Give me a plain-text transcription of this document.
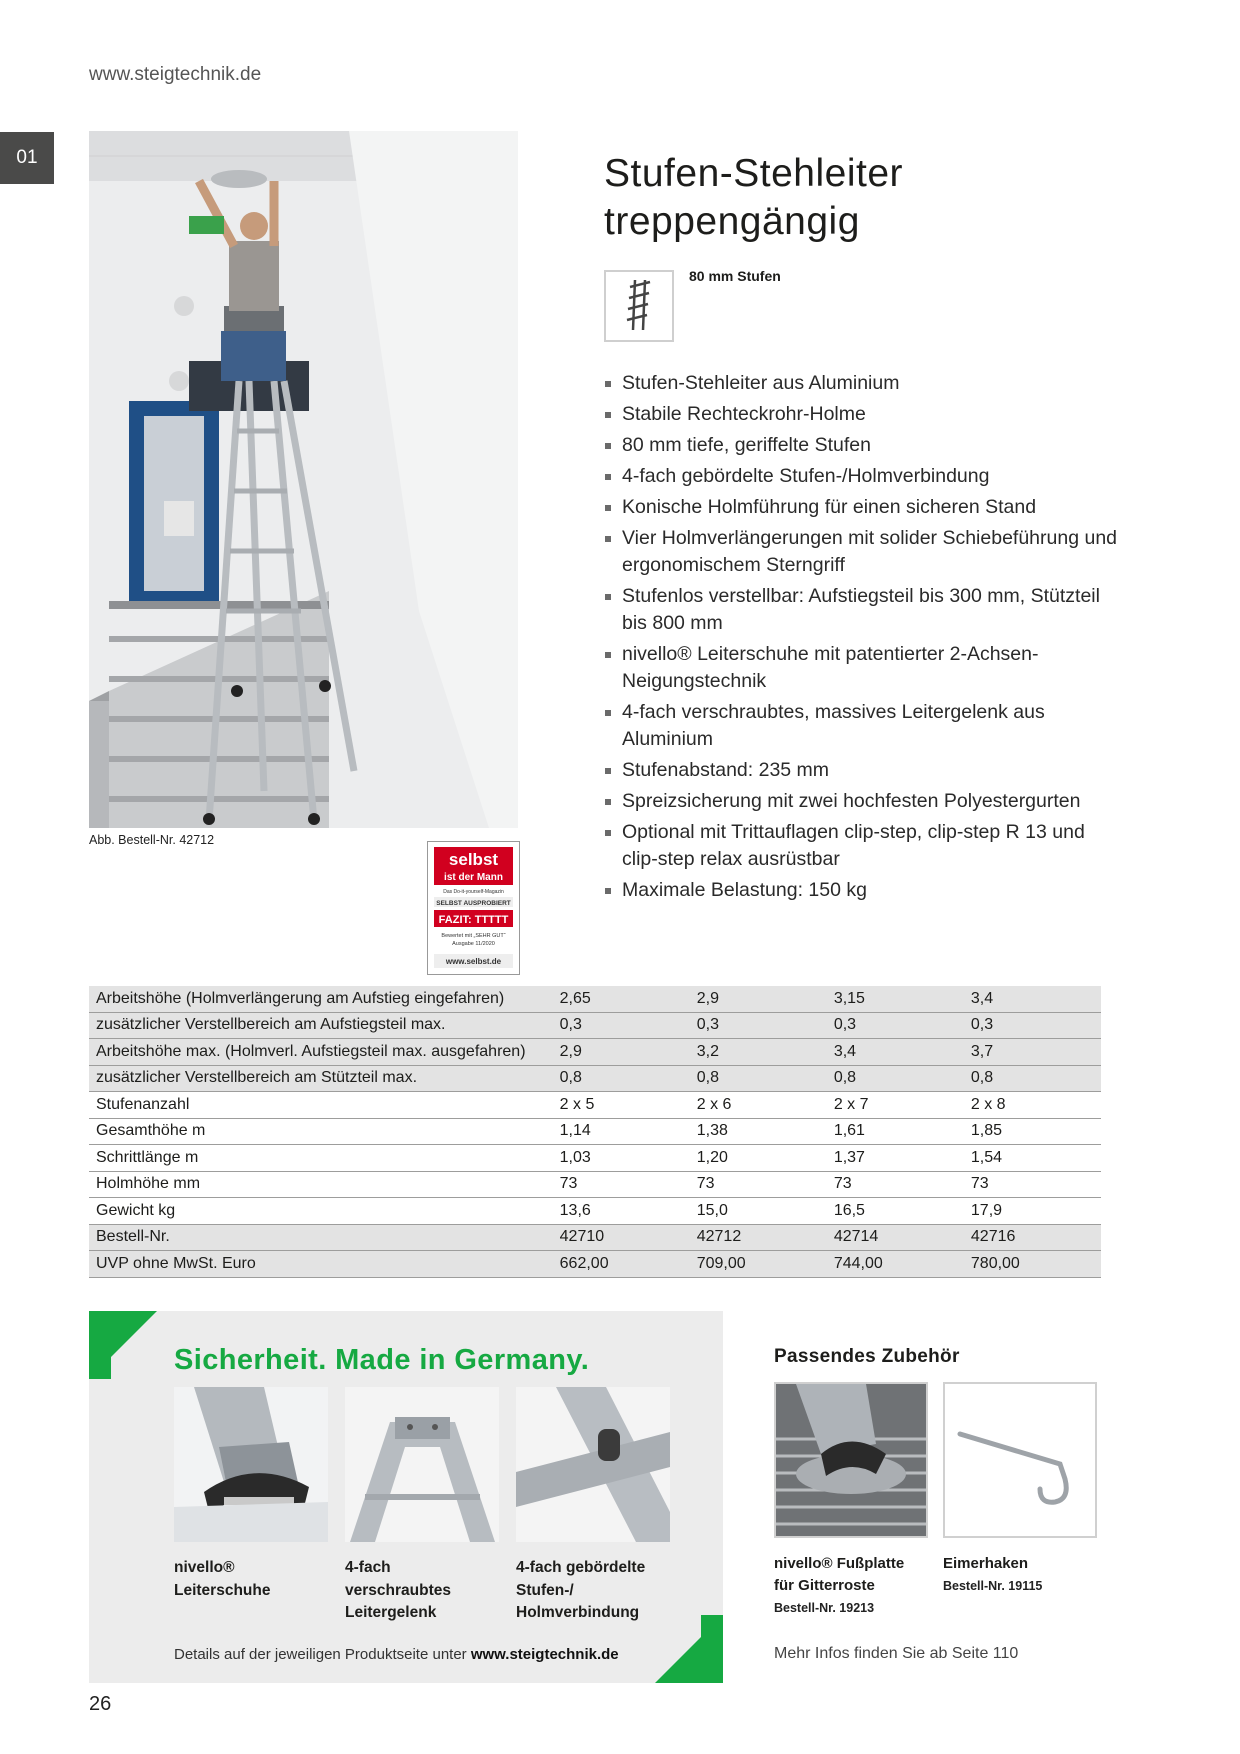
www.steigtechnik.de
01
Abb. Bestell-Nr. 42712
selbst
ist der Mann
Das Do-it-yourself-Magazin
SELBST AUSPROBIERT
FAZIT: TTTTT
Bewertet mit „SEHR GUT“
Ausgabe 11/2020
www.selbst.de
Stufen-Stehleiter
treppengängig
80 mm Stufen
Stufen-Stehleiter aus Aluminium
Stabile Rechteckrohr-Holme
80 mm tiefe, geriffelte Stufen
4-fach gebördelte Stufen-/Holmverbindung
Konische Holmführung für einen sicheren Stand
Vier Holmverlängerungen mit solider Schiebeführung und ergonomischem Sterngriff
Stufenlos verstellbar: Aufstiegsteil bis 300 mm, Stützteil bis 800 mm
nivello® Leiterschuhe mit patentierter 2-Achsen-Neigungstechnik
4-fach verschraubtes, massives Leitergelenk aus Aluminium
Stufenabstand: 235 mm
Spreizsicherung mit zwei hochfesten Polyestergurten
Optional mit Trittauflagen clip-step, clip-step R 13 und clip-step relax ausrüstbar
Maximale Belastung: 150 kg
Arbeitshöhe (Holmverlängerung am Aufstieg eingefahren)	2,65	2,9	3,15	3,4
zusätzlicher Verstellbereich am Aufstiegsteil max.	0,3	0,3	0,3	0,3
Arbeitshöhe max. (Holmverl. Aufstiegsteil max. ausgefahren)	2,9	3,2	3,4	3,7
zusätzlicher Verstellbereich am Stützteil max.	0,8	0,8	0,8	0,8
Stufenanzahl	2 x 5	2 x 6	2 x 7	2 x 8
Gesamthöhe m	1,14	1,38	1,61	1,85
Schrittlänge m	1,03	1,20	1,37	1,54
Holmhöhe mm	73	73	73	73
Gewicht kg	13,6	15,0	16,5	17,9
Bestell-Nr.	42710	42712	42714	42716
UVP ohne MwSt. Euro	662,00	709,00	744,00	780,00
Sicherheit. Made in Germany.
nivello®
Leiterschuhe
4-fach
verschraubtes
Leitergelenk
4-fach gebördelte
Stufen-/
Holmverbindung
Details auf der jeweiligen Produktseite unter www.steigtechnik.de
Passendes Zubehör
nivello® Fußplatte
für Gitterroste
Bestell-Nr. 19213
Eimerhaken
Bestell-Nr. 19115
Mehr Infos finden Sie ab Seite 110
26
